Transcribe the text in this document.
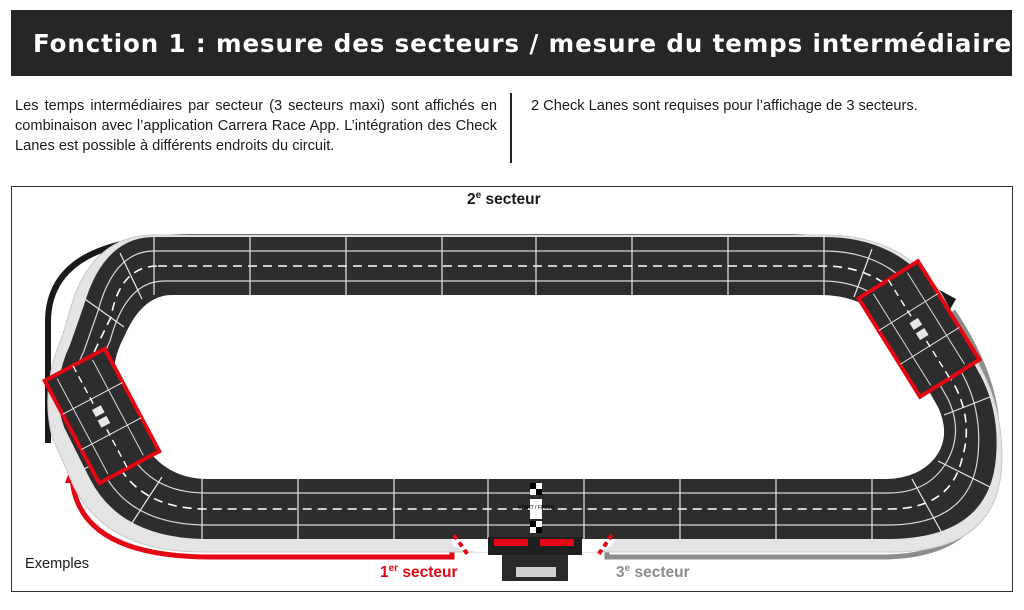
Fonction 1 : mesure des secteurs / mesure du temps intermédiaire

Les temps intermédiaires par secteur (3 secteurs maxi) sont affichés en combinaison avec l’application Carrera Race App. L’intégration des Check Lanes est possible à différents endroits du circuit.

2 Check Lanes sont requises pour l’affichage de 3 secteurs.

START / FINISH
2e secteur
1er secteur	3e secteur
Exemples
